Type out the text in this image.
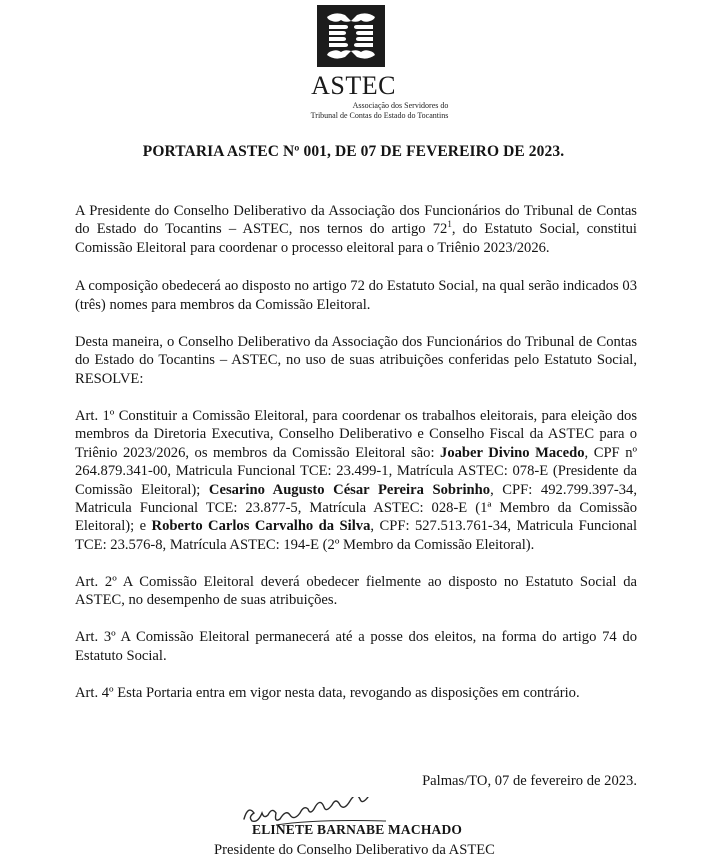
ASTEC
Associação dos Servidores do
Tribunal de Contas do Estado do Tocantins
PORTARIA ASTEC Nº 001, DE 07 DE FEVEREIRO DE 2023.

A Presidente do Conselho Deliberativo da Associação dos Funcionários do Tribunal de Contas do Estado do Tocantins – ASTEC, nos ternos do artigo $72^1$, do Estatuto Social, constitui Comissão Eleitoral para coordenar o processo eleitoral para o Triênio 2023/2026.

A composição obedecerá ao disposto no artigo 72 do Estatuto Social, na qual serão indicados 03 (três) nomes para membros da Comissão Eleitoral.

Desta maneira, o Conselho Deliberativo da Associação dos Funcionários do Tribunal de Contas do Estado do Tocantins – ASTEC, no uso de suas atribuições conferidas pelo Estatuto Social, RESOLVE:

Art. 1º Constituir a Comissão Eleitoral, para coordenar os trabalhos eleitorais, para eleição dos membros da Diretoria Executiva, Conselho Deliberativo e Conselho Fiscal da ASTEC para o Triênio 2023/2026, os membros da Comissão Eleitoral são: Joaber Divino Macedo, CPF nº 264.879.341-00, Matricula Funcional TCE: 23.499-1, Matrícula ASTEC: 078-E (Presidente da Comissão Eleitoral); Cesarino Augusto César Pereira Sobrinho, CPF: 492.799.397-34, Matricula Funcional TCE: 23.877-5, Matrícula ASTEC: 028-E (1ª Membro da Comissão Eleitoral); e Roberto Carlos Carvalho da Silva, CPF: 527.513.761-34, Matricula Funcional TCE: 23.576-8, Matrícula ASTEC: 194-E (2º Membro da Comissão Eleitoral).

Art. 2º A Comissão Eleitoral deverá obedecer fielmente ao disposto no Estatuto Social da ASTEC, no desempenho de suas atribuições.

Art. 3º A Comissão Eleitoral permanecerá até a posse dos eleitos, na forma do artigo 74 do Estatuto Social.

Art. 4º Esta Portaria entra em vigor nesta data, revogando as disposições em contrário.

Palmas/TO, 07 de fevereiro de 2023.
ELINETE BARNABE MACHADO
Presidente do Conselho Deliberativo da ASTEC
